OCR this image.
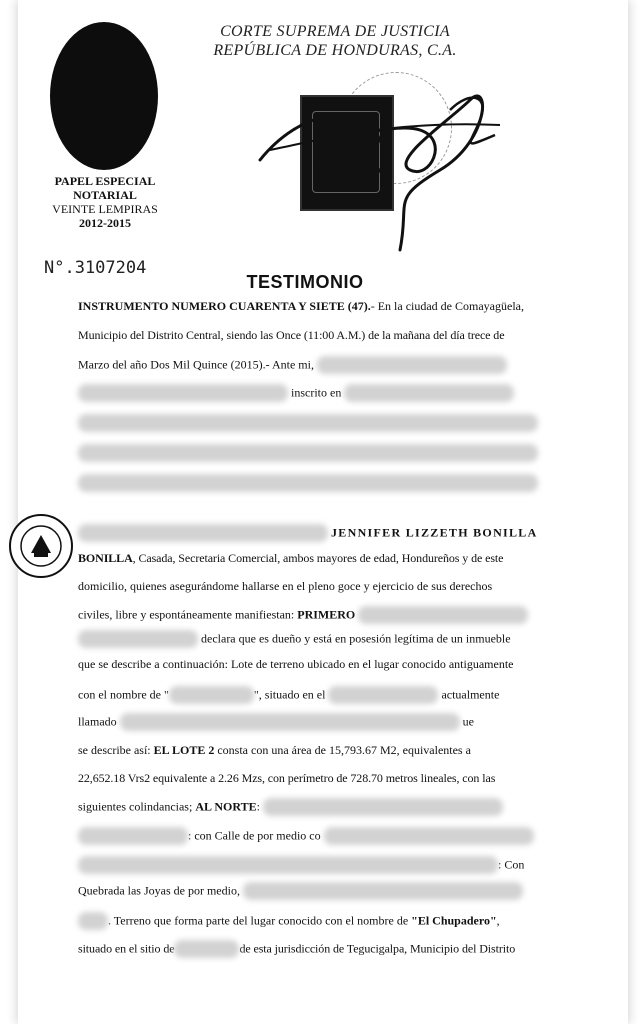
CORTE SUPREMA DE JUSTICIA
REPÚBLICA DE HONDURAS, C.A.
PAPEL ESPECIAL
NOTARIAL
VEINTE LEMPIRAS
2012-2015
N°.3107204
TESTIMONIO
INSTRUMENTO NUMERO CUARENTA Y SIETE (47).- En la ciudad de Comayagüela,
Municipio del Distrito Central, siendo las Once (11:00 A.M.) de la mañana del día trece de
Marzo del año Dos Mil Quince (2015).- Ante mi,
inscrito en
JENNIFER LIZZETH BONILLA
BONILLA, Casada, Secretaria Comercial, ambos mayores de edad, Hondureños y de este
domicilio, quienes asegurándome hallarse en el pleno goce y ejercicio de sus derechos
civiles, libre y espontáneamente manifiestan: PRIMERO
declara que es dueño y está en posesión legítima de un inmueble
que se describe a continuación: Lote de terreno ubicado en el lugar conocido antiguamente
con el nombre de "	", situado en el	actualmente
llamado	ue
se describe así: EL LOTE 2 consta con una área de 15,793.67 M2, equivalentes a
22,652.18 Vrs2 equivalente a 2.26 Mzs, con perímetro de 728.70 metros lineales, con las
siguientes colindancias; AL NORTE:
: con Calle de por medio co
: Con
Quebrada las Joyas de por medio,
. Terreno que forma parte del lugar conocido con el nombre de "El Chupadero",
situado en el sitio de	de esta jurisdicción de Tegucigalpa, Municipio del Distrito
